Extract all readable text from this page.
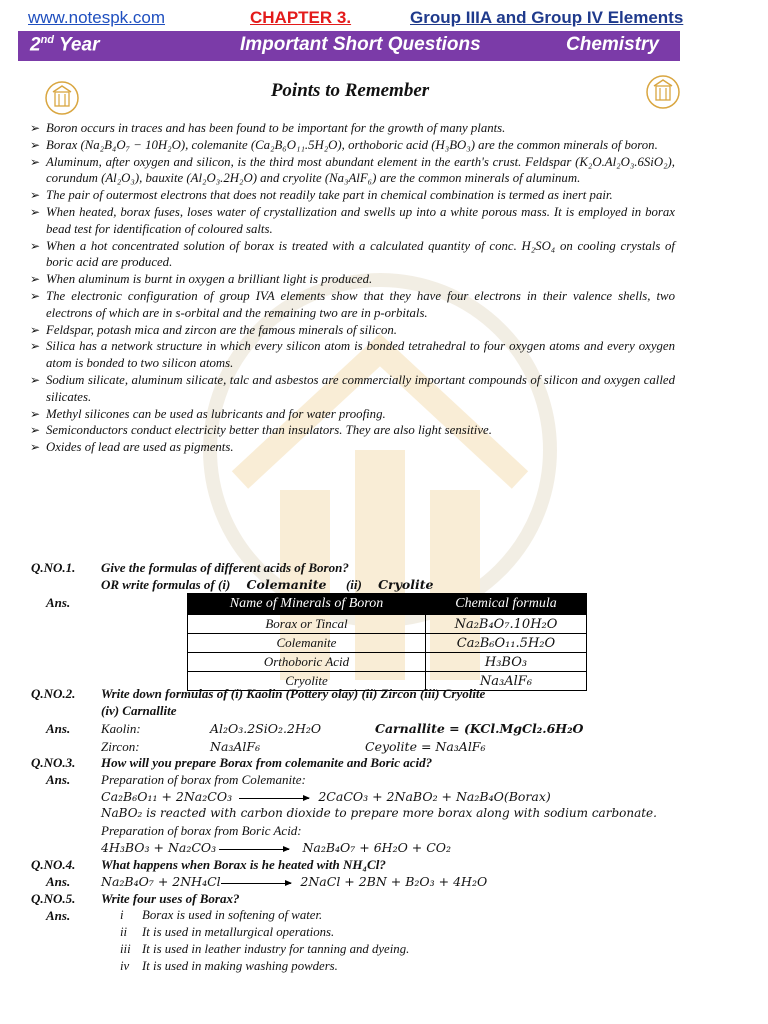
www.notespk.com	CHAPTER 3.	Group IIIA and Group IV Elements
2nd Year	Important Short Questions	Chemistry
Points to Remember
➢ Boron occurs in traces and has been found to be important for the growth of many plants.
➢ Borax (Na₂B₄O₇ − 10H₂O), colemanite (Ca₂B₆O₁₁.5H₂O), orthoboric acid (H₃BO₃) are the common minerals of boron.
➢ Aluminum, after oxygen and silicon, is the third most abundant element in the earth's crust. Feldspar (K₂O.Al₂O₃.6SiO₂), corundum (Al₂O₃), bauxite (Al₂O₃.2H₂O) and cryolite (Na₃AlF₆) are the common minerals of aluminum.
➢ The pair of outermost electrons that does not readily take part in chemical combination is termed as inert pair.
➢ When heated, borax fuses, loses water of crystallization and swells up into a white porous mass. It is employed in borax bead test for identification of coloured salts.
➢ When a hot concentrated solution of borax is treated with a calculated quantity of conc. H₂SO₄ on cooling crystals of boric acid are produced.
➢ When aluminum is burnt in oxygen a brilliant light is produced.
➢ The electronic configuration of group IVA elements show that they have four electrons in their valence shells, two electrons of which are in s-orbital and the remaining two are in p-orbitals.
➢ Feldspar, potash mica and zircon are the famous minerals of silicon.
➢ Silica has a network structure in which every silicon atom is bonded tetrahedral to four oxygen atoms and every oxygen atom is bonded to two silicon atoms.
➢ Sodium silicate, aluminum silicate, talc and asbestos are commercially important compounds of silicon and oxygen called silicates.
➢ Methyl silicones can be used as lubricants and for water proofing.
➢ Semiconductors conduct electricity better than insulators. They are also light sensitive.
➢ Oxides of lead are used as pigments.
Q.NO.1. Give the formulas of different acids of Boron?
OR write formulas of (i) Colemanite (ii) Cryolite
Ans.	Name of Minerals of Boron	Chemical formula
Borax or Tincal	Na₂B₄O₇.10H₂O
Colemanite	Ca₂B₆O₁₁.5H₂O
Orthoboric Acid	H₃BO₃
Cryolite	Na₃AlF₆
Q.NO.2. Write down formulas of (i) Kaolin (Pottery olay) (ii) Zircon (iii) Cryolite
(iv) Carnallite
Ans. Kaolin:	Al₂O₃.2SiO₂.2H₂O	Carnallite = (KCl.MgCl₂.6H₂O
Zircon:	Na₃AlF₆	Ceyolite = Na₃AlF₆
Q.NO.3. How will you prepare Borax from colemanite and Boric acid?
Ans. Preparation of borax from Colemanite:
Ca₂B₆O₁₁ + 2Na₂CO₃	2CaCO₃ + 2NaBO₂ + Na₂B₄O(Borax)
NaBO₂ is reacted with carbon dioxide to prepare more borax along with sodium carbonate.
Preparation of borax from Boric Acid:
4H₃BO₃ + Na₂CO₃	Na₂B₄O₇ + 6H₂O + CO₂
Q.NO.4. What happens when Borax is he heated with NH₄Cl?
Ans. Na₂B₄O₇ + 2NH₄Cl	2NaCl + 2BN + B₂O₃ + 4H₂O
Q.NO.5. Write four uses of Borax?
Ans.	i Borax is used in softening of water.
ii It is used in metallurgical operations.
iii It is used in leather industry for tanning and dyeing.
iv It is used in making washing powders.
